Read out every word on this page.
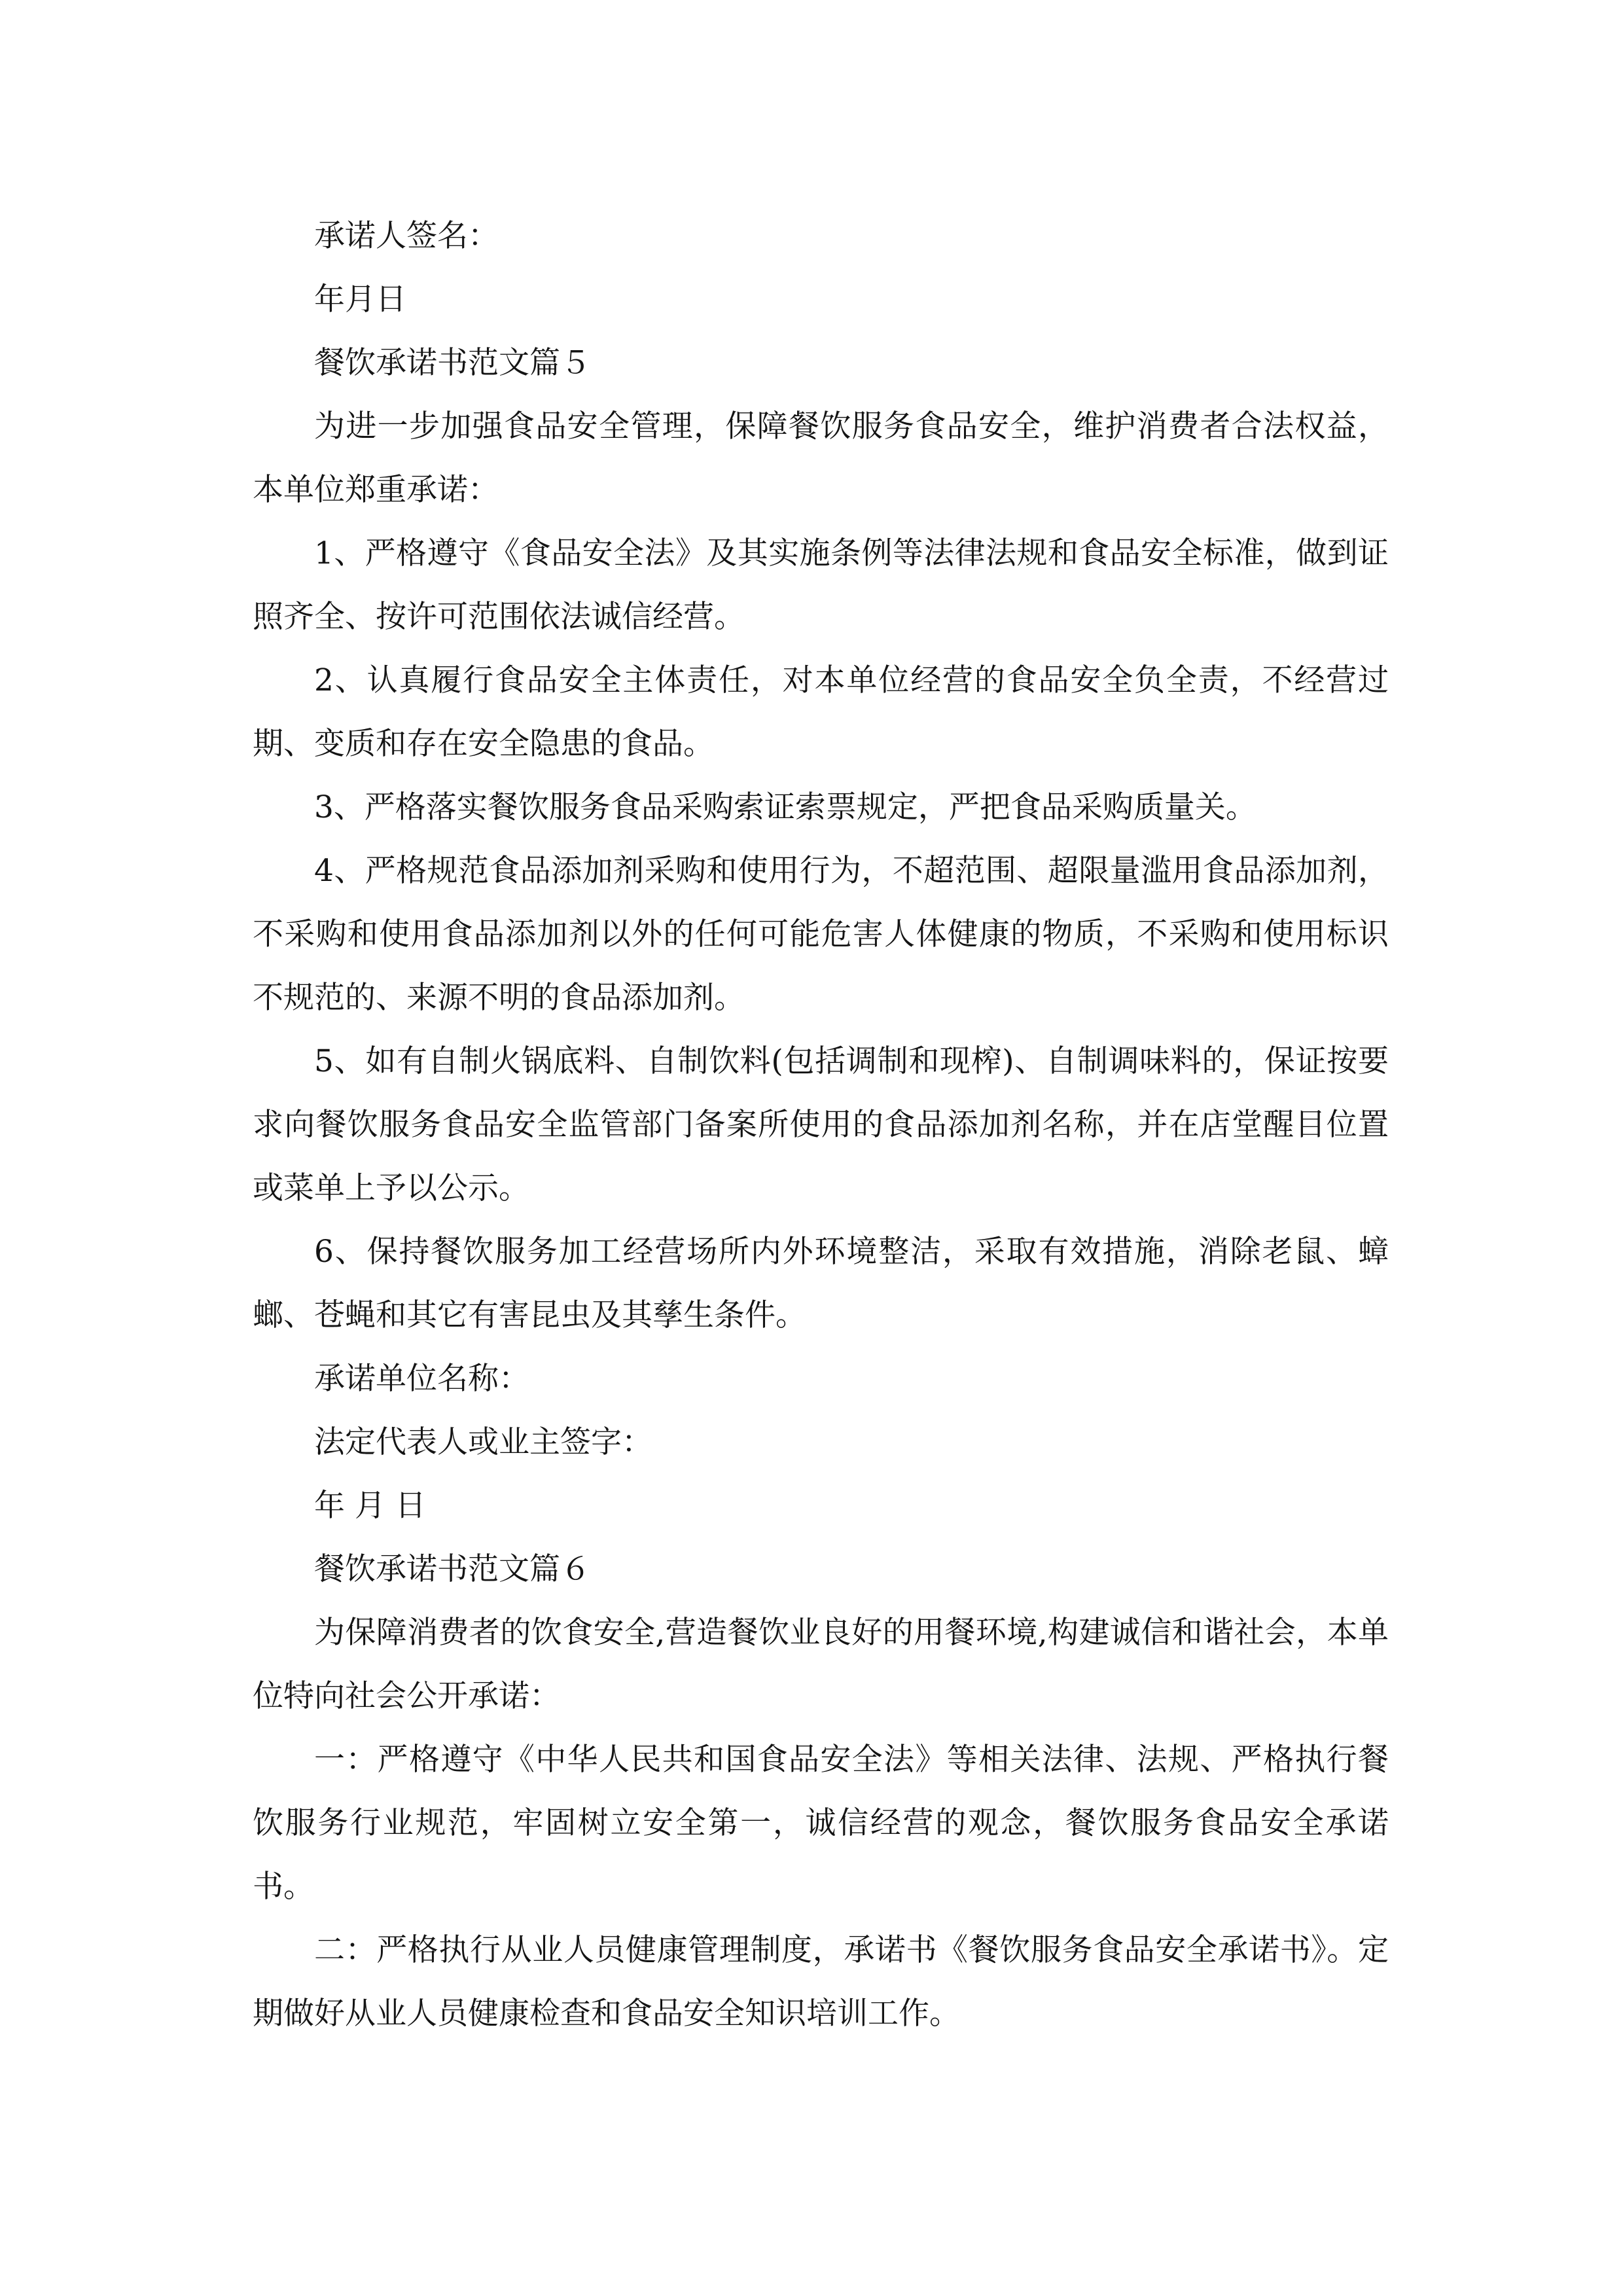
承诺人签名：

年月日

餐饮承诺书范文篇５

为进一步加强食品安全管理，保障餐饮服务食品安全，维护消费者合法权益，本单位郑重承诺：

1、严格遵守《食品安全法》及其实施条例等法律法规和食品安全标准，做到证照齐全、按许可范围依法诚信经营。

2、认真履行食品安全主体责任，对本单位经营的食品安全负全责，不经营过期、变质和存在安全隐患的食品。

3、严格落实餐饮服务食品采购索证索票规定，严把食品采购质量关。

4、严格规范食品添加剂采购和使用行为，不超范围、超限量滥用食品添加剂，不采购和使用食品添加剂以外的任何可能危害人体健康的物质，不采购和使用标识不规范的、来源不明的食品添加剂。

5、如有自制火锅底料、自制饮料(包括调制和现榨)、自制调味料的，保证按要求向餐饮服务食品安全监管部门备案所使用的食品添加剂名称，并在店堂醒目位置或菜单上予以公示。

6、保持餐饮服务加工经营场所内外环境整洁，采取有效措施，消除老鼠、蟑螂、苍蝇和其它有害昆虫及其孳生条件。

承诺单位名称：

法定代表人或业主签字：

年 月 日

餐饮承诺书范文篇６

为保障消费者的饮食安全,营造餐饮业良好的用餐环境,构建诚信和谐社会，本单位特向社会公开承诺：

一：严格遵守《中华人民共和国食品安全法》等相关法律、法规、严格执行餐饮服务行业规范，牢固树立安全第一，诚信经营的观念，餐饮服务食品安全承诺书。

二：严格执行从业人员健康管理制度，承诺书《餐饮服务食品安全承诺书》。定期做好从业人员健康检查和食品安全知识培训工作。
